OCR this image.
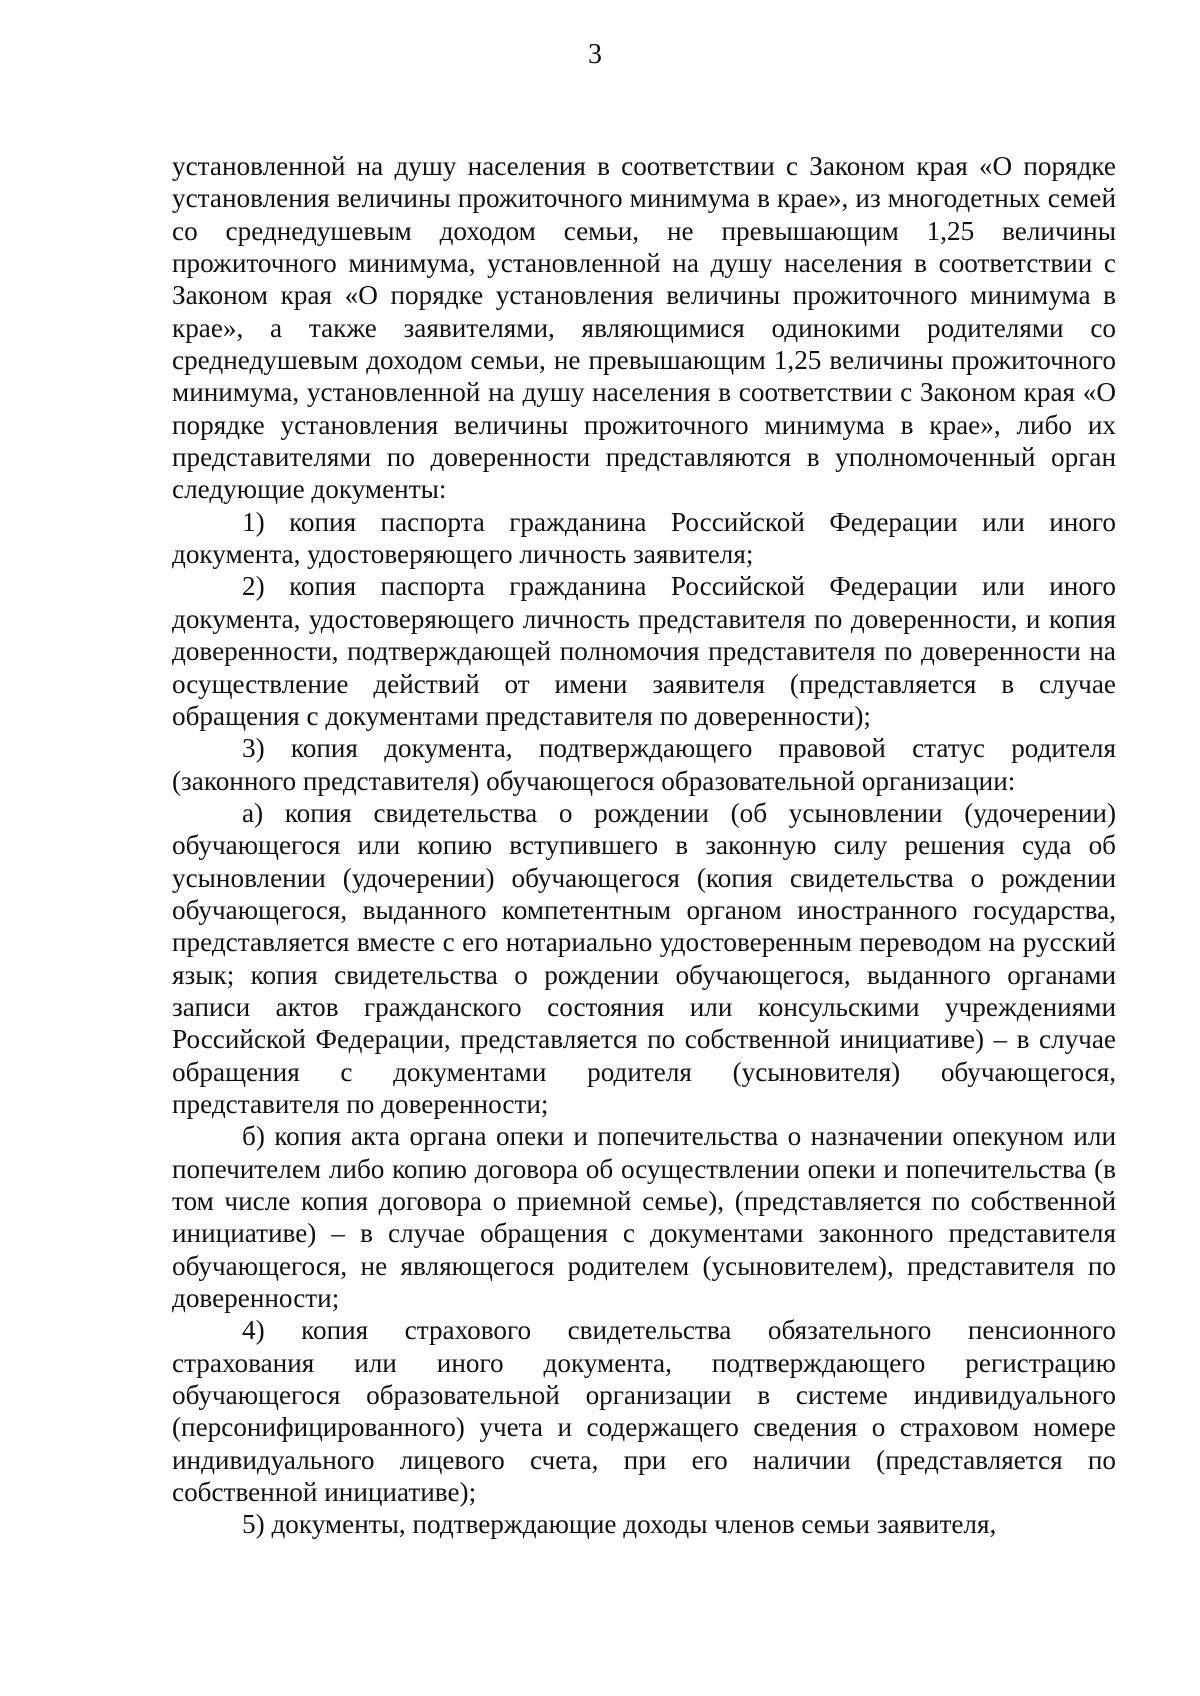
3

установленной на душу населения в соответствии с Законом края «О порядке установления величины прожиточного минимума в крае», из многодетных семей со среднедушевым доходом семьи, не превышающим 1,25 величины прожиточного минимума, установленной на душу населения в соответствии с Законом края «О порядке установления величины прожиточного минимума в крае», а также заявителями, являющимися одинокими родителями со среднедушевым доходом семьи, не превышающим 1,25 величины прожиточного минимума, установленной на душу населения в соответствии с Законом края «О порядке установления величины прожиточного минимума в крае», либо их представителями по доверенности представляются в уполномоченный орган следующие документы:

1) копия паспорта гражданина Российской Федерации или иного документа, удостоверяющего личность заявителя;

2) копия паспорта гражданина Российской Федерации или иного документа, удостоверяющего личность представителя по доверенности, и копия доверенности, подтверждающей полномочия представителя по доверенности на осуществление действий от имени заявителя (представляется в случае обращения с документами представителя по доверенности);

3) копия документа, подтверждающего правовой статус родителя (законного представителя) обучающегося образовательной организации:

а) копия свидетельства о рождении (об усыновлении (удочерении) обучающегося или копию вступившего в законную силу решения суда об усыновлении (удочерении) обучающегося (копия свидетельства о рождении обучающегося, выданного компетентным органом иностранного государства, представляется вместе с его нотариально удостоверенным переводом на русский язык; копия свидетельства о рождении обучающегося, выданного органами записи актов гражданского состояния или консульскими учреждениями Российской Федерации, представляется по собственной инициативе) – в случае обращения с документами родителя (усыновителя) обучающегося, представителя по доверенности;

б) копия акта органа опеки и попечительства о назначении опекуном или попечителем либо копию договора об осуществлении опеки и попечительства (в том числе копия договора о приемной семье), (представляется по собственной инициативе) – в случае обращения с документами законного представителя обучающегося, не являющегося родителем (усыновителем), представителя по доверенности;

4) копия страхового свидетельства обязательного пенсионного страхования или иного документа, подтверждающего регистрацию обучающегося образовательной организации в системе индивидуального (персонифицированного) учета и содержащего сведения о страховом номере индивидуального лицевого счета, при его наличии (представляется по собственной инициативе);

5) документы, подтверждающие доходы членов семьи заявителя,
